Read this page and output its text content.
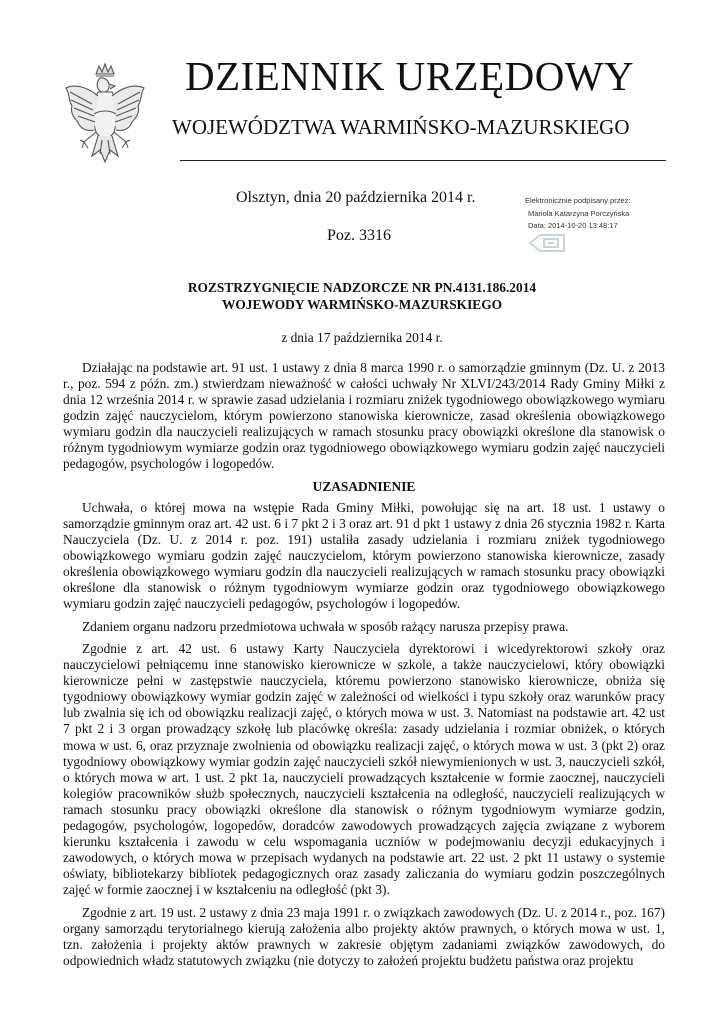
DZIENNIK URZĘDOWY
WOJEWÓDZTWA WARMIŃSKO-MAZURSKIEGO
Olsztyn, dnia 20 października 2014 r.
Poz. 3316
Elektronicznie podpisany przez:
Mariola Katarzyna Porczyńska
Data: 2014-10-20 13:48:17
ROZSTRZYGNIĘCIE NADZORCZE NR PN.4131.186.2014
WOJEWODY WARMIŃSKO-MAZURSKIEGO
z dnia 17 października 2014 r.

Działając na podstawie art. 91 ust. 1 ustawy z dnia 8 marca 1990 r. o samorządzie gminnym (Dz. U. z 2013 r., poz. 594 z późn. zm.) stwierdzam nieważność w całości uchwały Nr XLVI/243/2014 Rady Gminy Miłki z dnia 12 września 2014 r. w sprawie zasad udzielania i rozmiaru zniżek tygodniowego obowiązkowego wymiaru godzin zajęć nauczycielom, którym powierzono stanowiska kierownicze, zasad określenia obowiązkowego wymiaru godzin dla nauczycieli realizujących w ramach stosunku pracy obowiązki określone dla stanowisk o różnym tygodniowym wymiarze godzin oraz tygodniowego obowiązkowego wymiaru godzin zajęć nauczycieli pedagogów, psychologów i logopedów.

UZASADNIENIE

Uchwała, o której mowa na wstępie Rada Gminy Miłki, powołując się na art. 18 ust. 1 ustawy o samorządzie gminnym oraz art. 42 ust. 6 i 7 pkt 2 i 3 oraz art. 91 d pkt 1 ustawy z dnia 26 stycznia 1982 r. Karta Nauczyciela (Dz. U. z 2014 r. poz. 191) ustaliła zasady udzielania i rozmiaru zniżek tygodniowego obowiązkowego wymiaru godzin zajęć nauczycielom, którym powierzono stanowiska kierownicze, zasady określenia obowiązkowego wymiaru godzin dla nauczycieli realizujących w ramach stosunku pracy obowiązki określone dla stanowisk o różnym tygodniowym wymiarze godzin oraz tygodniowego obowiązkowego wymiaru godzin zajęć nauczycieli pedagogów, psychologów i logopedów.

Zdaniem organu nadzoru przedmiotowa uchwała w sposób rażący narusza przepisy prawa.

Zgodnie z art. 42 ust. 6 ustawy Karty Nauczyciela dyrektorowi i wicedyrektorowi szkoły oraz nauczycielowi pełniącemu inne stanowisko kierownicze w szkole, a także nauczycielowi, który obowiązki kierownicze pełni w zastępstwie nauczyciela, któremu powierzono stanowisko kierownicze, obniża się tygodniowy obowiązkowy wymiar godzin zajęć w zależności od wielkości i typu szkoły oraz warunków pracy lub zwalnia się ich od obowiązku realizacji zajęć, o których mowa w ust. 3. Natomiast na podstawie art. 42 ust 7 pkt 2 i 3 organ prowadzący szkołę lub placówkę określa: zasady udzielania i rozmiar obniżek, o których mowa w ust. 6, oraz przyznaje zwolnienia od obowiązku realizacji zajęć, o których mowa w ust. 3 (pkt 2) oraz tygodniowy obowiązkowy wymiar godzin zajęć nauczycieli szkół niewymienionych w ust. 3, nauczycieli szkół, o których mowa w art. 1 ust. 2 pkt 1a, nauczycieli prowadzących kształcenie w formie zaocznej, nauczycieli kolegiów pracowników służb społecznych, nauczycieli kształcenia na odległość, nauczycieli realizujących w ramach stosunku pracy obowiązki określone dla stanowisk o różnym tygodniowym wymiarze godzin, pedagogów, psychologów, logopedów, doradców zawodowych prowadzących zajęcia związane z wyborem kierunku kształcenia i zawodu w celu wspomagania uczniów w podejmowaniu decyzji edukacyjnych i zawodowych, o których mowa w przepisach wydanych na podstawie art. 22 ust. 2 pkt 11 ustawy o systemie oświaty, bibliotekarzy bibliotek pedagogicznych oraz zasady zaliczania do wymiaru godzin poszczególnych zajęć w formie zaocznej i w kształceniu na odległość (pkt 3).

Zgodnie z art. 19 ust. 2 ustawy z dnia 23 maja 1991 r. o związkach zawodowych (Dz. U. z 2014 r., poz. 167) organy samorządu terytorialnego kierują założenia albo projekty aktów prawnych, o których mowa w ust. 1, tzn. założenia i projekty aktów prawnych w zakresie objętym zadaniami związków zawodowych, do odpowiednich władz statutowych związku (nie dotyczy to założeń projektu budżetu państwa oraz projektu
